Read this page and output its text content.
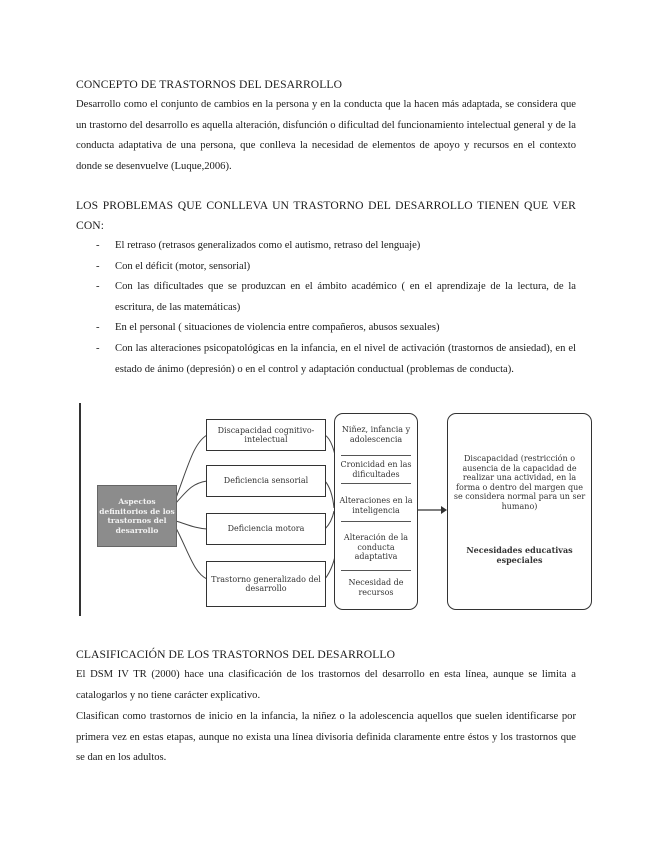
CONCEPTO DE TRASTORNOS DEL DESARROLLO
Desarrollo como el conjunto de cambios en la persona y en la conducta que la hacen más adaptada, se considera que un trastorno del desarrollo es aquella alteración, disfunción o dificultad del funcionamiento intelectual general y de la conducta adaptativa de una persona, que conlleva la necesidad de elementos de apoyo y recursos en el contexto donde se desenvuelve (Luque,2006).
LOS PROBLEMAS QUE CONLLEVA UN TRASTORNO DEL DESARROLLO TIENEN QUE VER CON:
- El retraso (retrasos generalizados como el autismo, retraso del lenguaje)
- Con el déficit (motor, sensorial)
- Con las dificultades que se produzcan en el ámbito académico ( en el aprendizaje de la lectura, de la escritura, de las matemáticas)
- En el personal ( situaciones de violencia entre compañeros, abusos sexuales)
- Con las alteraciones psicopatológicas en la infancia, en el nivel de activación (trastornos de ansiedad), en el estado de ánimo (depresión) o en el control y adaptación conductual (problemas de conducta).
Aspectos definitorios de los trastornos del desarrollo
Discapacidad cognitivo-intelectual
Deficiencia sensorial
Deficiencia motora
Trastorno generalizado del desarrollo
Niñez, infancia y adolescencia
Cronicidad en las dificultades
Alteraciones en la inteligencia
Alteración de la conducta adaptativa
Necesidad de recursos
Discapacidad (restricción o ausencia de la capacidad de realizar una actividad, en la forma o dentro del margen que se considera normal para un ser humano)
Necesidades educativas especiales
CLASIFICACIÓN DE LOS TRASTORNOS DEL DESARROLLO
El DSM IV TR (2000) hace una clasificación de los trastornos del desarrollo en esta línea, aunque se limita a catalogarlos y no tiene carácter explicativo.
Clasifican como trastornos de inicio en la infancia, la niñez o la adolescencia aquellos que suelen identificarse por primera vez en estas etapas, aunque no exista una línea divisoria definida claramente entre éstos y los trastornos que se dan en los adultos.
